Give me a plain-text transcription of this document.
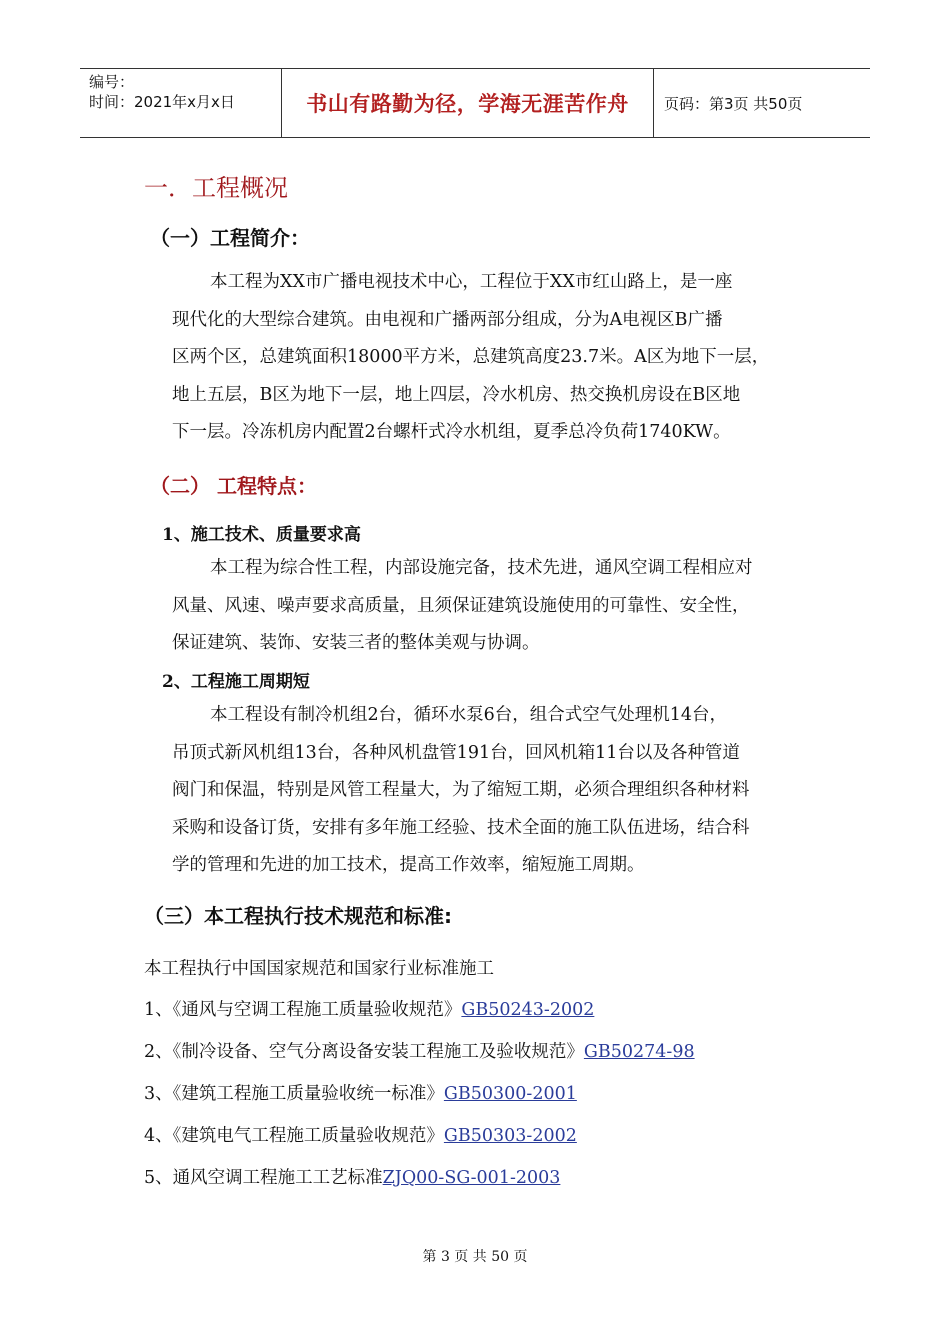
编号：
时间：2021年x月x日	书山有路勤为径，学海无涯苦作舟	页码：第3页 共50页
一．工程概况
（一）工程简介：

本工程为XX市广播电视技术中心，工程位于XX市红山路上，是一座

现代化的大型综合建筑。由电视和广播两部分组成，分为A电视区B广播

区两个区，总建筑面积18000平方米，总建筑高度23.7米。A区为地下一层，

地上五层，B区为地下一层，地上四层，冷水机房、热交换机房设在B区地

下一层。冷冻机房内配置2台螺杆式冷水机组，夏季总冷负荷1740KW。

（二） 工程特点：
1、施工技术、质量要求高

本工程为综合性工程，内部设施完备，技术先进，通风空调工程相应对

风量、风速、噪声要求高质量，且须保证建筑设施使用的可靠性、安全性，

保证建筑、装饰、安装三者的整体美观与协调。

2、工程施工周期短

本工程设有制冷机组2台，循环水泵6台，组合式空气处理机14台，

吊顶式新风机组13台，各种风机盘管191台，回风机箱11台以及各种管道

阀门和保温，特别是风管工程量大，为了缩短工期，必须合理组织各种材料

采购和设备订货，安排有多年施工经验、技术全面的施工队伍进场，结合科

学的管理和先进的加工技术，提高工作效率，缩短施工周期。

（三）本工程执行技术规范和标准:
本工程执行中国国家规范和国家行业标准施工
1、《通风与空调工程施工质量验收规范》GB50243-2002
2、《制冷设备、空气分离设备安装工程施工及验收规范》GB50274-98
3、《建筑工程施工质量验收统一标准》GB50300-2001
4、《建筑电气工程施工质量验收规范》GB50303-2002
5、通风空调工程施工工艺标准ZJQ00-SG-001-2003
第 3 页 共 50 页
